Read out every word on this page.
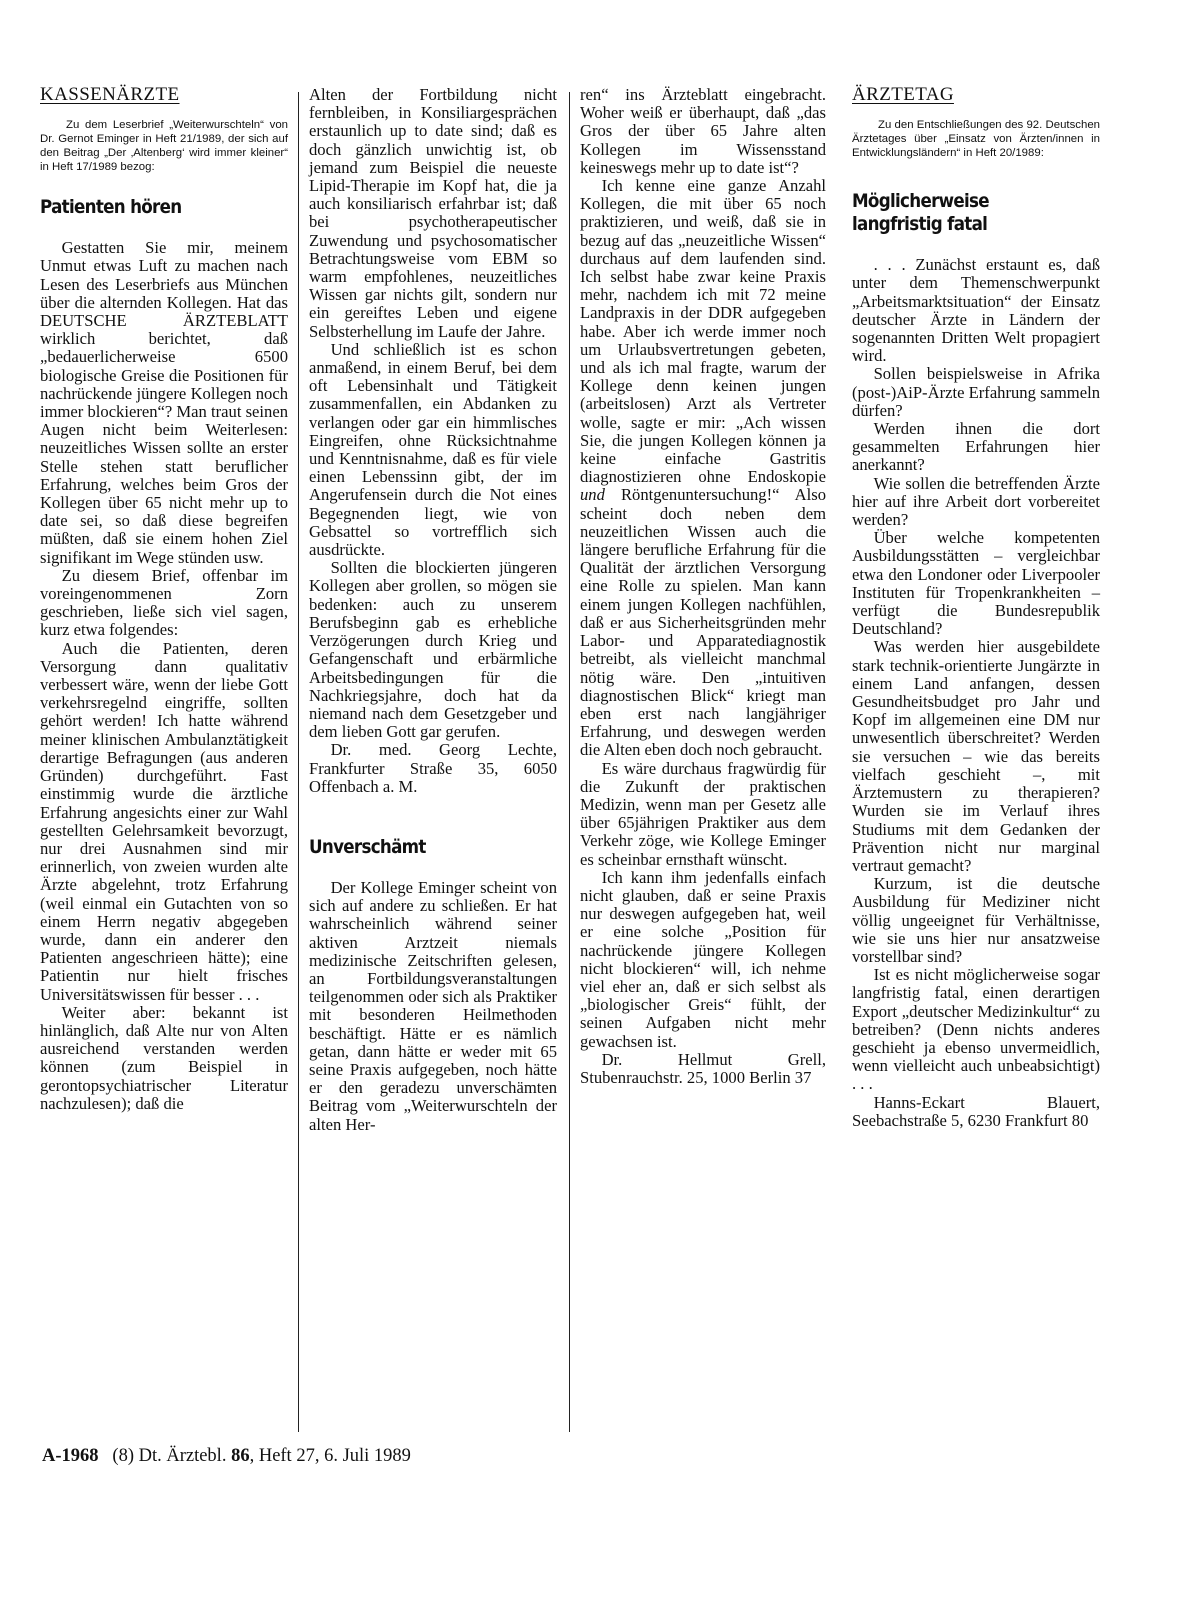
KASSENÄRZTE
Zu dem Leserbrief „Weiterwurschteln“ von Dr. Gernot Eminger in Heft 21/1989, der sich auf den Beitrag „Der ‚Altenberg‘ wird immer kleiner“ in Heft 17/1989 bezog:
Patienten hören

Gestatten Sie mir, meinem Unmut etwas Luft zu machen nach Lesen des Leserbriefs aus München über die alternden Kollegen. Hat das DEUTSCHE ÄRZTEBLATT wirklich berichtet, daß „bedauerlicherweise 6500 biologische Greise die Positionen für nachrückende jüngere Kollegen noch immer blockieren“? Man traut seinen Augen nicht beim Weiterlesen: neuzeitliches Wissen sollte an erster Stelle stehen statt beruflicher Erfahrung, welches beim Gros der Kollegen über 65 nicht mehr up to date sei, so daß diese begreifen müßten, daß sie einem hohen Ziel signifikant im Wege stünden usw.

Zu diesem Brief, offenbar im voreingenommenen Zorn geschrieben, ließe sich viel sagen, kurz etwa folgendes:

Auch die Patienten, deren Versorgung dann qualitativ verbessert wäre, wenn der liebe Gott verkehrsregelnd eingriffe, sollten gehört werden! Ich hatte während meiner klinischen Ambulanztätigkeit derartige Befragungen (aus anderen Gründen) durchgeführt. Fast einstimmig wurde die ärztliche Erfahrung angesichts einer zur Wahl gestellten Gelehrsamkeit bevorzugt, nur drei Ausnahmen sind mir erinnerlich, von zweien wurden alte Ärzte abgelehnt, trotz Erfahrung (weil einmal ein Gutachten von so einem Herrn negativ abgegeben wurde, dann ein anderer den Patienten angeschrieen hätte); eine Patientin nur hielt frisches Universitätswissen für besser . . .

Weiter aber: bekannt ist hinlänglich, daß Alte nur von Alten ausreichend verstanden werden können (zum Beispiel in gerontopsychiatrischer Literatur nachzulesen); daß die

Alten der Fortbildung nicht fernbleiben, in Konsiliargesprächen erstaunlich up to date sind; daß es doch gänzlich unwichtig ist, ob jemand zum Beispiel die neueste Lipid-Therapie im Kopf hat, die ja auch konsiliarisch erfahrbar ist; daß bei psychotherapeutischer Zuwendung und psychosomatischer Betrachtungsweise vom EBM so warm empfohlenes, neuzeitliches Wissen gar nichts gilt, sondern nur ein gereiftes Leben und eigene Selbsterhellung im Laufe der Jahre.

Und schließlich ist es schon anmaßend, in einem Beruf, bei dem oft Lebensinhalt und Tätigkeit zusammenfallen, ein Abdanken zu verlangen oder gar ein himmlisches Eingreifen, ohne Rücksichtnahme und Kenntnisnahme, daß es für viele einen Lebenssinn gibt, der im Angerufensein durch die Not eines Begegnenden liegt, wie von Gebsattel so vortrefflich sich ausdrückte.

Sollten die blockierten jüngeren Kollegen aber grollen, so mögen sie bedenken: auch zu unserem Berufsbeginn gab es erhebliche Verzögerungen durch Krieg und Gefangenschaft und erbärmliche Arbeitsbedingungen für die Nachkriegsjahre, doch hat da niemand nach dem Gesetzgeber und dem lieben Gott gar gerufen.

Dr. med. Georg Lechte, Frankfurter Straße 35, 6050 Offenbach a. M.

Unverschämt

Der Kollege Eminger scheint von sich auf andere zu schließen. Er hat wahrscheinlich während seiner aktiven Arztzeit niemals medizinische Zeitschriften gelesen, an Fortbildungsveranstaltungen teilgenommen oder sich als Praktiker mit besonderen Heilmethoden beschäftigt. Hätte er es nämlich getan, dann hätte er weder mit 65 seine Praxis aufgegeben, noch hätte er den geradezu unverschämten Beitrag vom „Weiterwurschteln der alten Her-

ren“ ins Ärzteblatt eingebracht. Woher weiß er überhaupt, daß „das Gros der über 65 Jahre alten Kollegen im Wissensstand keineswegs mehr up to date ist“?

Ich kenne eine ganze Anzahl Kollegen, die mit über 65 noch praktizieren, und weiß, daß sie in bezug auf das „neuzeitliche Wissen“ durchaus auf dem laufenden sind. Ich selbst habe zwar keine Praxis mehr, nachdem ich mit 72 meine Landpraxis in der DDR aufgegeben habe. Aber ich werde immer noch um Urlaubsvertretungen gebeten, und als ich mal fragte, warum der Kollege denn keinen jungen (arbeitslosen) Arzt als Vertreter wolle, sagte er mir: „Ach wissen Sie, die jungen Kollegen können ja keine einfache Gastritis diagnostizieren ohne Endoskopie und Röntgenuntersuchung!“ Also scheint doch neben dem neuzeitlichen Wissen auch die längere berufliche Erfahrung für die Qualität der ärztlichen Versorgung eine Rolle zu spielen. Man kann einem jungen Kollegen nachfühlen, daß er aus Sicherheitsgründen mehr Labor- und Apparatediagnostik betreibt, als vielleicht manchmal nötig wäre. Den „intuitiven diagnostischen Blick“ kriegt man eben erst nach langjähriger Erfahrung, und deswegen werden die Alten eben doch noch gebraucht.

Es wäre durchaus fragwürdig für die Zukunft der praktischen Medizin, wenn man per Gesetz alle über 65jährigen Praktiker aus dem Verkehr zöge, wie Kollege Eminger es scheinbar ernsthaft wünscht.

Ich kann ihm jedenfalls einfach nicht glauben, daß er seine Praxis nur deswegen aufgegeben hat, weil er eine solche „Position für nachrückende jüngere Kollegen nicht blockieren“ will, ich nehme viel eher an, daß er sich selbst als „biologischer Greis“ fühlt, der seinen Aufgaben nicht mehr gewachsen ist.

Dr. Hellmut Grell, Stubenrauchstr. 25, 1000 Berlin 37

ÄRZTETAG
Zu den Entschließungen des 92. Deutschen Ärztetages über „Einsatz von Ärzten/innen in Entwicklungsländern“ in Heft 20/1989:
Möglicherweise langfristig fatal

. . . Zunächst erstaunt es, daß unter dem Themenschwerpunkt „Arbeitsmarktsituation“ der Einsatz deutscher Ärzte in Ländern der sogenannten Dritten Welt propagiert wird.

Sollen beispielsweise in Afrika (post-)AiP-Ärzte Erfahrung sammeln dürfen?

Werden ihnen die dort gesammelten Erfahrungen hier anerkannt?

Wie sollen die betreffenden Ärzte hier auf ihre Arbeit dort vorbereitet werden?

Über welche kompetenten Ausbildungsstätten – vergleichbar etwa den Londoner oder Liverpooler Instituten für Tropenkrankheiten – verfügt die Bundesrepublik Deutschland?

Was werden hier ausgebildete stark technik-orientierte Jungärzte in einem Land anfangen, dessen Gesundheitsbudget pro Jahr und Kopf im allgemeinen eine DM nur unwesentlich überschreitet? Werden sie versuchen – wie das bereits vielfach geschieht –, mit Ärztemustern zu therapieren? Wurden sie im Verlauf ihres Studiums mit dem Gedanken der Prävention nicht nur marginal vertraut gemacht?

Kurzum, ist die deutsche Ausbildung für Mediziner nicht völlig ungeeignet für Verhältnisse, wie sie uns hier nur ansatzweise vorstellbar sind?

Ist es nicht möglicherweise sogar langfristig fatal, einen derartigen Export „deutscher Medizinkultur“ zu betreiben? (Denn nichts anderes geschieht ja ebenso unvermeidlich, wenn vielleicht auch unbeabsichtigt) . . .

Hanns-Eckart Blauert, Seebachstraße 5, 6230 Frankfurt 80

A-1968 (8) Dt. Ärztebl. 86, Heft 27, 6. Juli 1989
